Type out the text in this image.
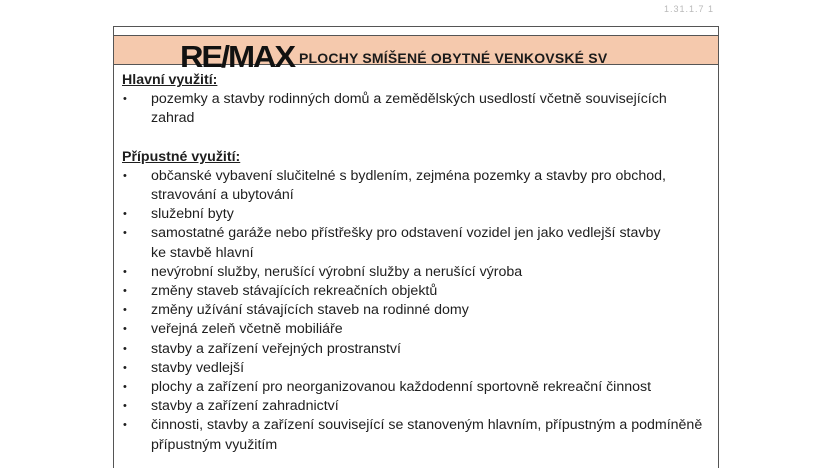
1.31.1.7 1
RE/MAX PLOCHY SMÍŠENÉ OBYTNÉ VENKOVSKÉ SV

Hlavní využití:

• pozemky a stavby rodinných domů a zemědělských usedlostí včetně souvisejících zahrad

Přípustné využití:

• občanské vybavení slučitelné s bydlením, zejména pozemky a stavby pro obchod,
stravování a ubytování
• služební byty
• samostatné garáže nebo přístřešky pro odstavení vozidel jen jako vedlejší stavby
ke stavbě hlavní
• nevýrobní služby, nerušící výrobní služby a nerušící výroba
• změny staveb stávajících rekreačních objektů
• změny užívání stávajících staveb na rodinné domy
• veřejná zeleň včetně mobiliáře
• stavby a zařízení veřejných prostranství
• stavby vedlejší
• plochy a zařízení pro neorganizovanou každodenní sportovně rekreační činnost
• stavby a zařízení zahradnictví
• činnosti, stavby a zařízení související se stanoveným hlavním, přípustným a podmíněně
přípustným využitím
